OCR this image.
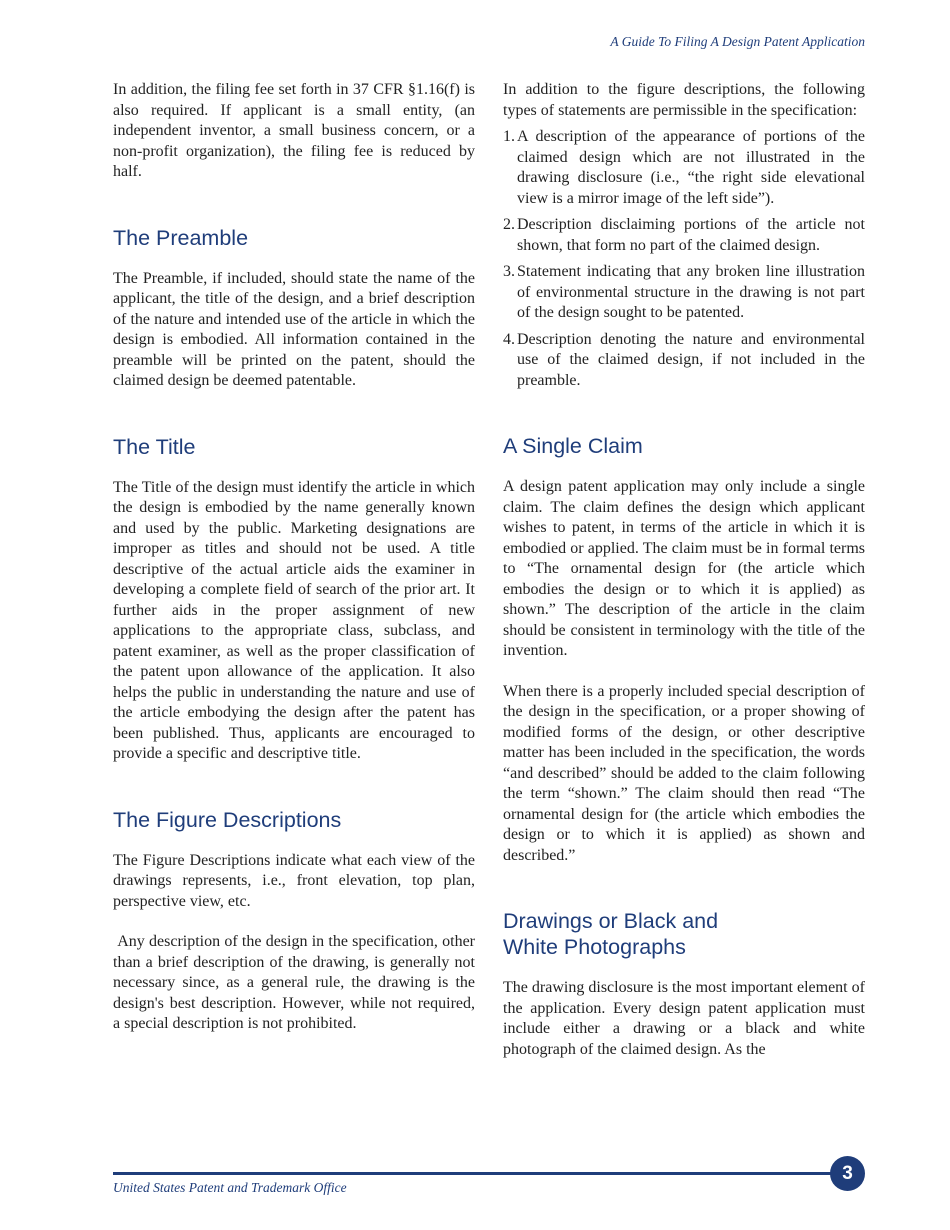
A Guide To Filing A Design Patent Application

In addition, the filing fee set forth in 37 CFR §1.16(f) is also required. If applicant is a small entity, (an independent inventor, a small business concern, or a non-profit organization), the filing fee is reduced by half.

The Preamble

The Preamble, if included, should state the name of the applicant, the title of the design, and a brief description of the nature and intended use of the article in which the design is embodied. All information contained in the preamble will be printed on the patent, should the claimed design be deemed patentable.

The Title

The Title of the design must identify the article in which the design is embodied by the name generally known and used by the public. Marketing designations are improper as titles and should not be used. A title descriptive of the actual article aids the examiner in developing a complete field of search of the prior art. It further aids in the proper assignment of new applications to the appropriate class, subclass, and patent examiner, as well as the proper classification of the patent upon allowance of the application. It also helps the public in understanding the nature and use of the article embodying the design after the patent has been published. Thus, applicants are encouraged to provide a specific and descriptive title.

The Figure Descriptions

The Figure Descriptions indicate what each view of the drawings represents, i.e., front elevation, top plan, perspective view, etc.

Any description of the design in the specification, other than a brief description of the drawing, is generally not necessary since, as a general rule, the drawing is the design's best description. However, while not required, a special description is not prohibited.

In addition to the figure descriptions, the following types of statements are permissible in the specification:

1. A description of the appearance of portions of the claimed design which are not illustrated in the drawing disclosure (i.e., “the right side elevational view is a mirror image of the left side”).
2. Description disclaiming portions of the article not shown, that form no part of the claimed design.
3. Statement indicating that any broken line illustration of environmental structure in the drawing is not part of the design sought to be patented.
4. Description denoting the nature and environmental use of the claimed design, if not included in the preamble.
A Single Claim

A design patent application may only include a single claim. The claim defines the design which applicant wishes to patent, in terms of the article in which it is embodied or applied. The claim must be in formal terms to “The ornamental design for (the article which embodies the design or to which it is applied) as shown.” The description of the article in the claim should be consistent in terminology with the title of the invention.

When there is a properly included special description of the design in the specification, or a proper showing of modified forms of the design, or other descriptive matter has been included in the specification, the words “and described” should be added to the claim following the term “shown.” The claim should then read “The ornamental design for (the article which embodies the design or to which it is applied) as shown and described.”

Drawings or Black and
White Photographs

The drawing disclosure is the most important element of the application. Every design patent application must include either a drawing or a black and white photograph of the claimed design. As the

3
United States Patent and Trademark Office
